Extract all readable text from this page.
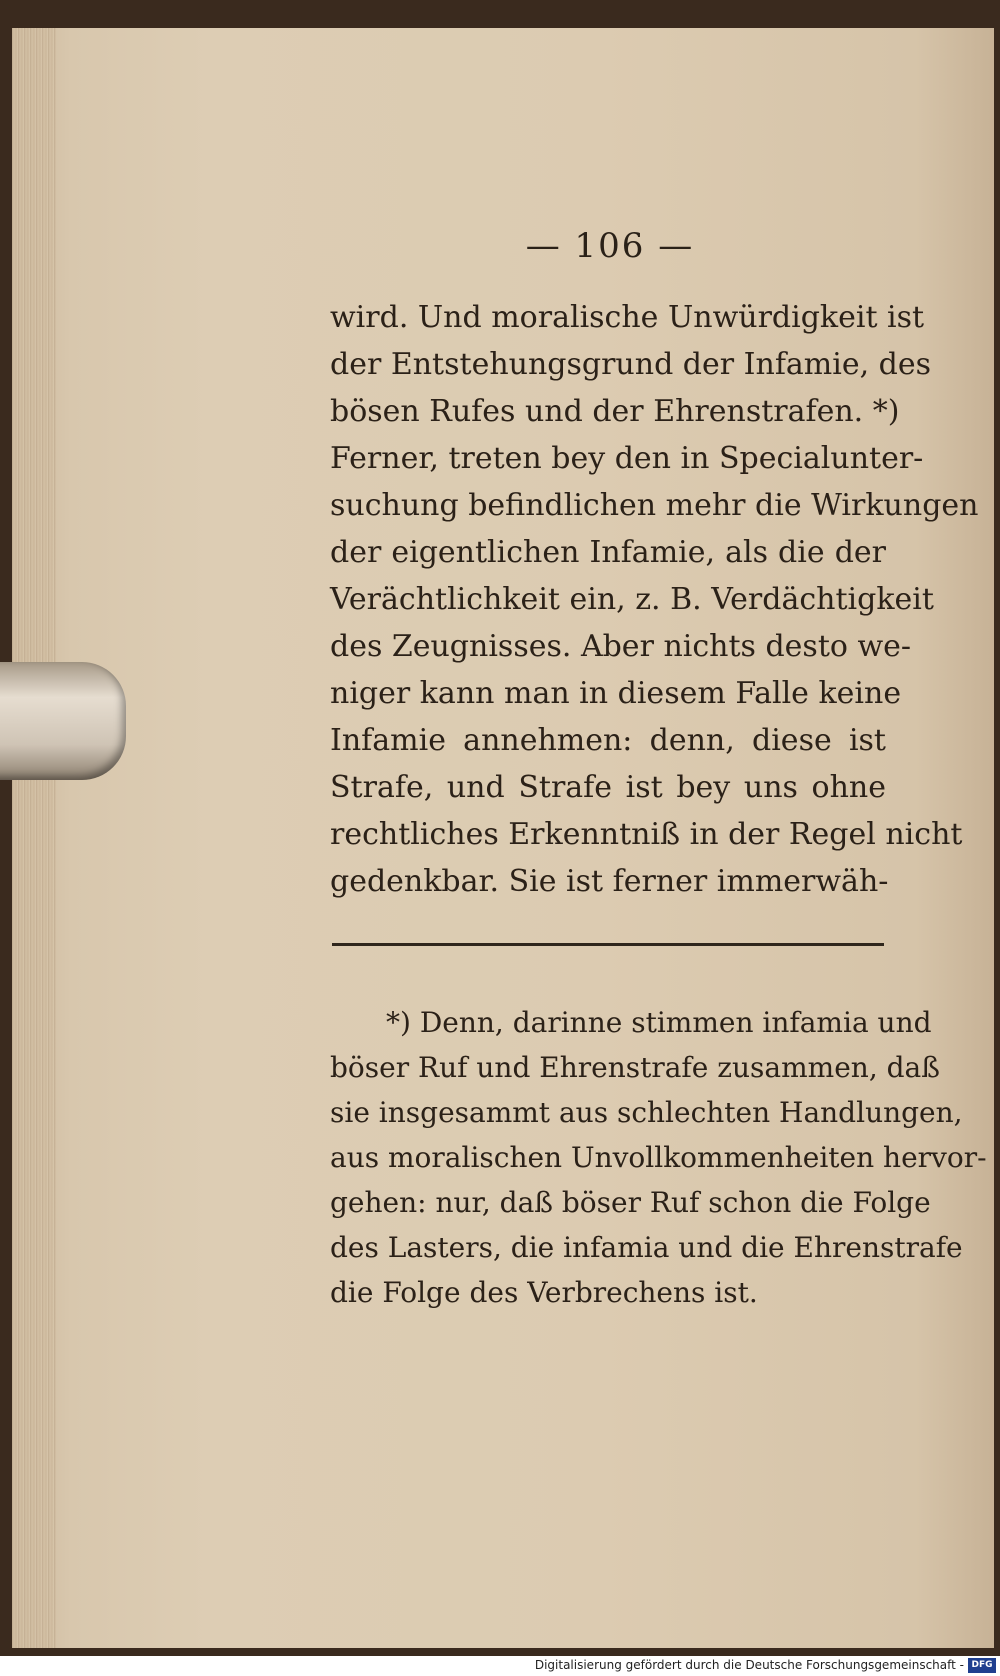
— 106 —
wird. Und moralische Unwürdigkeit ist
der Entstehungsgrund der Infamie, des
bösen Rufes und der Ehrenstrafen. *)
Ferner, treten bey den in Specialunter-
suchung befindlichen mehr die Wirkungen
der eigentlichen Infamie, als die der
Verächtlichkeit ein, z. B. Verdächtigkeit
des Zeugnisses. Aber nichts desto we-
niger kann man in diesem Falle keine
Infamie annehmen: denn, diese ist
Strafe, und Strafe ist bey uns ohne
rechtliches Erkenntniß in der Regel nicht
gedenkbar. Sie ist ferner immerwäh-
*) Denn, darinne stimmen infamia und
böser Ruf und Ehrenstrafe zusammen, daß
sie insgesammt aus schlechten Handlungen,
aus moralischen Unvollkommenheiten hervor-
gehen: nur, daß böser Ruf schon die Folge
des Lasters, die infamia und die Ehrenstrafe
die Folge des Verbrechens ist.
Digitalisierung gefördert durch die Deutsche Forschungsgemeinschaft - DFG
